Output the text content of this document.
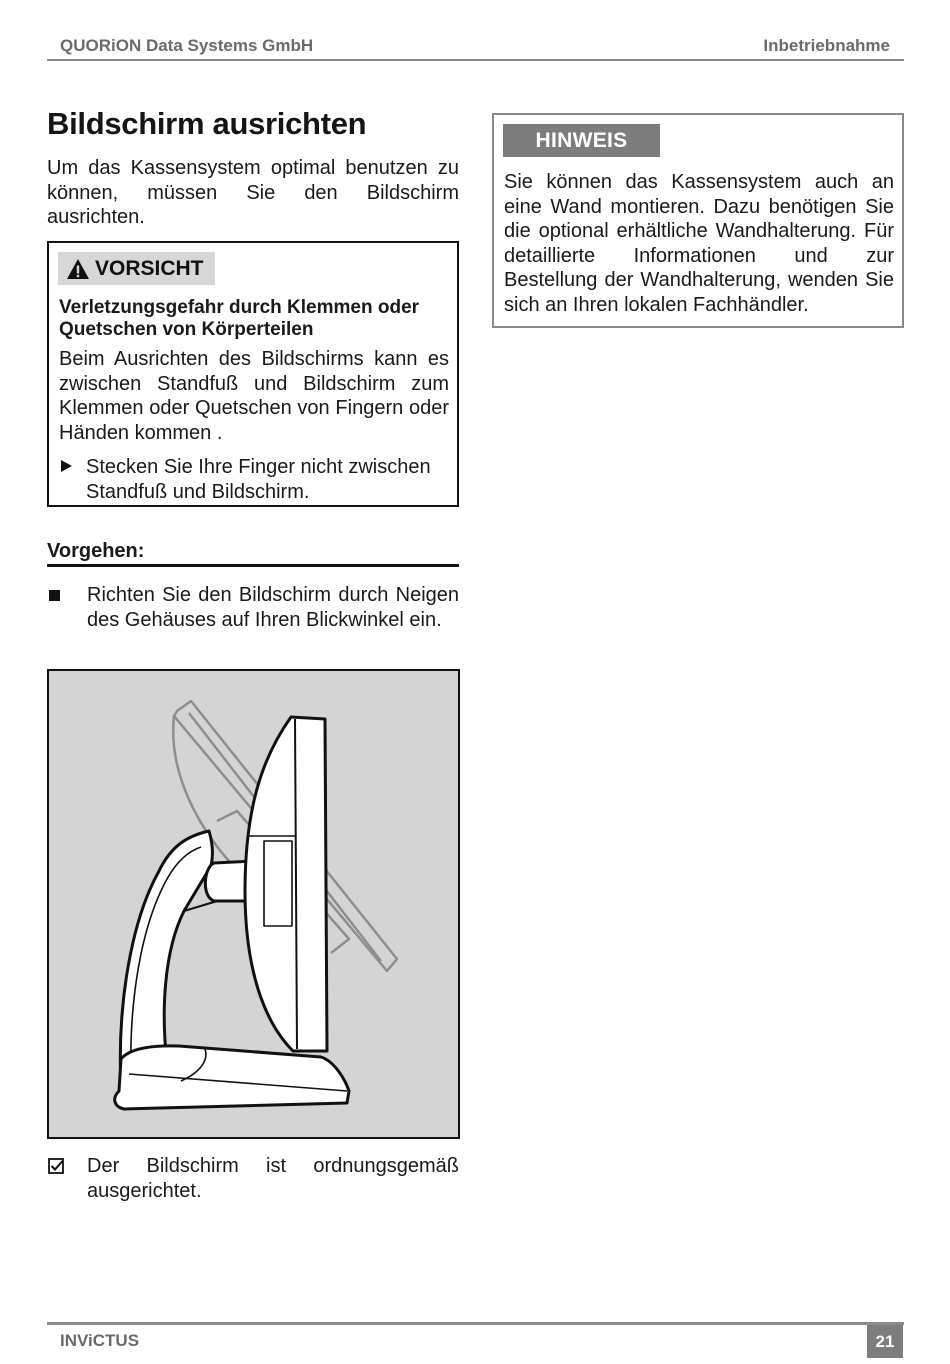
QUORiON Data Systems GmbH	Inbetriebnahme
Bildschirm ausrichten
Um das Kassensystem optimal benutzen zu können, müssen Sie den Bildschirm ausrichten.
VORSICHT
Verletzungsgefahr durch Klemmen oder Quetschen von Körperteilen
Beim Ausrichten des Bildschirms kann es zwischen Standfuß und Bildschirm zum Klemmen oder Quetschen von Fingern oder Händen kommen .
Stecken Sie Ihre Finger nicht zwischen Standfuß und Bildschirm.
Vorgehen:
Richten Sie den Bildschirm durch Neigen des Gehäuses auf Ihren Blickwinkel ein.
Der Bildschirm ist ordnungsgemäß ausgerichtet.
HINWEIS
Sie können das Kassensystem auch an eine Wand montieren. Dazu benötigen Sie die optional erhältliche Wandhalterung. Für detaillierte Informationen und zur Bestellung der Wandhalterung, wenden Sie sich an Ihren lokalen Fachhändler.
INViCTUS	21
